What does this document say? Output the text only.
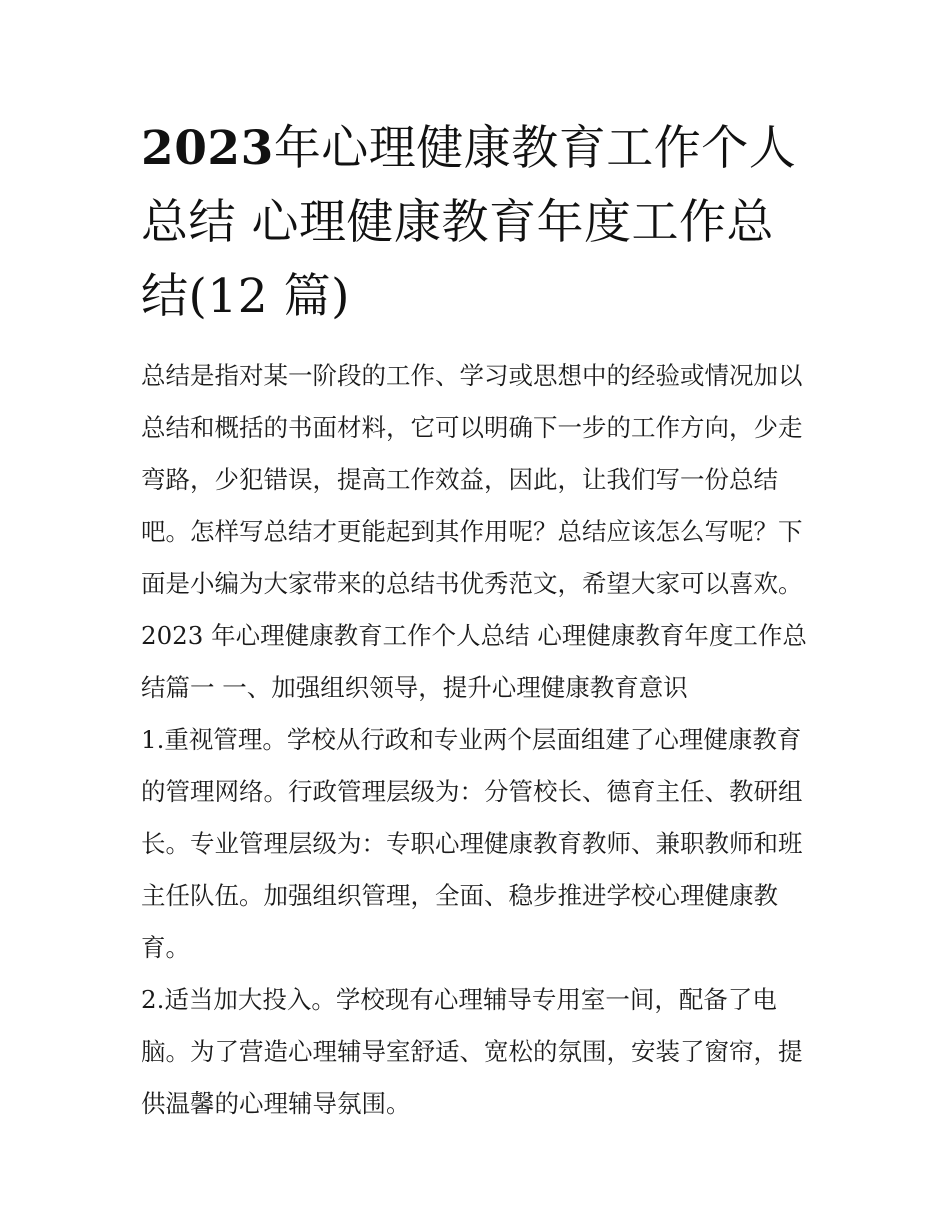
2023年心理健康教育工作个人
总结 心理健康教育年度工作总
结(12 篇)
总结是指对某一阶段的工作、学习或思想中的经验或情况加以
总结和概括的书面材料，它可以明确下一步的工作方向，少走
弯路，少犯错误，提高工作效益，因此，让我们写一份总结
吧。怎样写总结才更能起到其作用呢？总结应该怎么写呢？下
面是小编为大家带来的总结书优秀范文，希望大家可以喜欢。
2023 年心理健康教育工作个人总结 心理健康教育年度工作总
结篇一 一、加强组织领导，提升心理健康教育意识
1.重视管理。学校从行政和专业两个层面组建了心理健康教育
的管理网络。行政管理层级为：分管校长、德育主任、教研组
长。专业管理层级为：专职心理健康教育教师、兼职教师和班
主任队伍。加强组织管理，全面、稳步推进学校心理健康教
育。
2.适当加大投入。学校现有心理辅导专用室一间，配备了电
脑。为了营造心理辅导室舒适、宽松的氛围，安装了窗帘，提
供温馨的心理辅导氛围。
